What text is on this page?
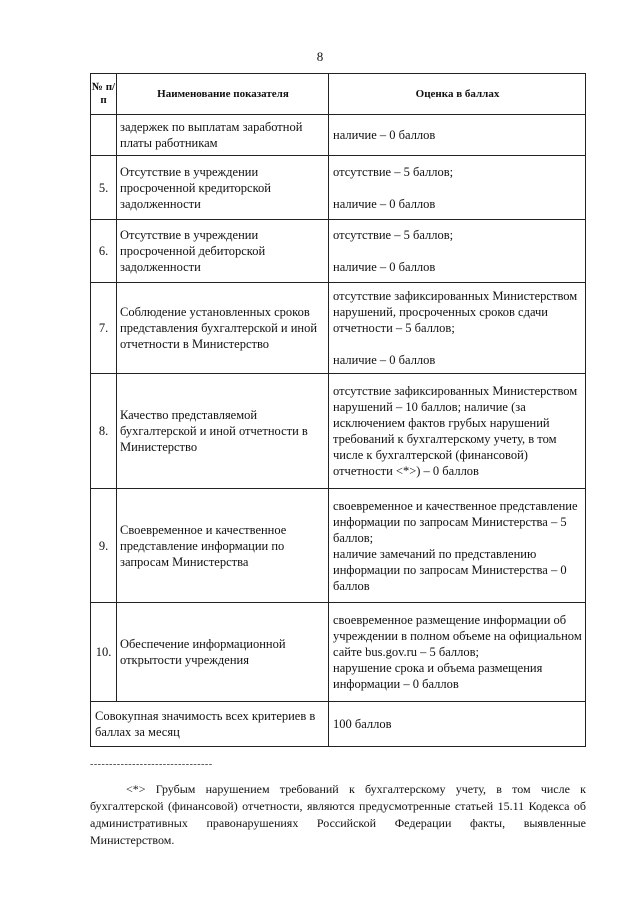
8
№ п/п	Наименование показателя	Оценка в баллах
	задержек по выплатам заработной платы работникам	наличие – 0 баллов

5.	Отсутствие в учреждении просроченной кредиторской задолженности	отсутствие – 5 баллов;
наличие – 0 баллов

6.	Отсутствие в учреждении просроченной дебиторской задолженности	отсутствие – 5 баллов;
наличие – 0 баллов

7.	Соблюдение установленных сроков представления бухгалтерской и иной отчетности в Министерство	отсутствие зафиксированных Министерством нарушений, просроченных сроков сдачи отчетности – 5 баллов;
наличие – 0 баллов

8.	Качество представляемой бухгалтерской и иной отчетности в Министерство	отсутствие зафиксированных Министерством нарушений – 10 баллов; наличие (за исключением фактов грубых нарушений требований к бухгалтерскому учету, в том числе к бухгалтерской (финансовой) отчетности <*>) – 0 баллов

9.	Своевременное и качественное представление информации по запросам Министерства	своевременное и качественное представление информации по запросам Министерства – 5 баллов;
наличие замечаний по представлению информации по запросам Министерства – 0 баллов

10.	Обеспечение информационной открытости учреждения	своевременное размещение информации об учреждении в полном объеме на официальном сайте bus.gov.ru – 5 баллов;
нарушение срока и объема размещения информации – 0 баллов

Совокупная значимость всех критериев в баллах за месяц		100 баллов
--------------------------------
<*> Грубым нарушением требований к бухгалтерскому учету, в том числе к бухгалтерской (финансовой) отчетности, являются предусмотренные статьей 15.11 Кодекса об административных правонарушениях Российской Федерации факты, выявленные Министерством.
